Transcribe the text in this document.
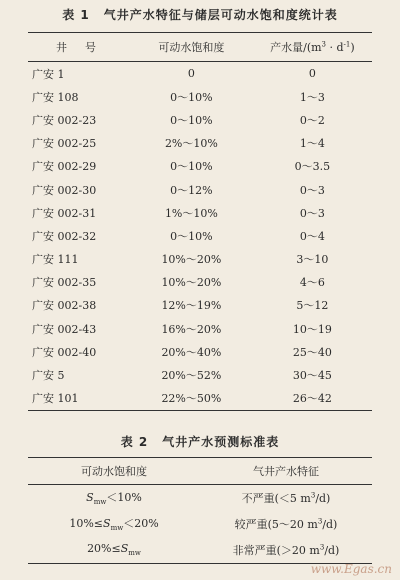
表 1 气井产水特征与储层可动水饱和度统计表
井号	可动水饱和度	产水量$/(m^3 \cdot d^{-1})$
广安 1	0	0
广安 108	0～10%	1～3
广安 002-23	0～10%	0～2
广安 002-25	2%～10%	1～4
广安 002-29	0～10%	0～3.5
广安 002-30	0～12%	0～3
广安 002-31	1%～10%	0～3
广安 002-32	0～10%	0～4
广安 111	10%～20%	3～10
广安 002-35	10%～20%	4～6
广安 002-38	12%～19%	5～12
广安 002-43	16%～20%	10～19
广安 002-40	20%～40%	25～40
广安 5	20%～52%	30～45
广安 101	22%～50%	26～42
表 2 气井产水预测标准表
可动水饱和度	气井产水特征
$S_{mw}<10\%$	不严重(＜5 $m^3/d$)
$10\%\le S_{mw}<20\%$	较严重(5～20 $m^3/d$)
$20\%\le S_{mw}$	非常严重(＞20 $m^3/d$)
www.Egas.cn
